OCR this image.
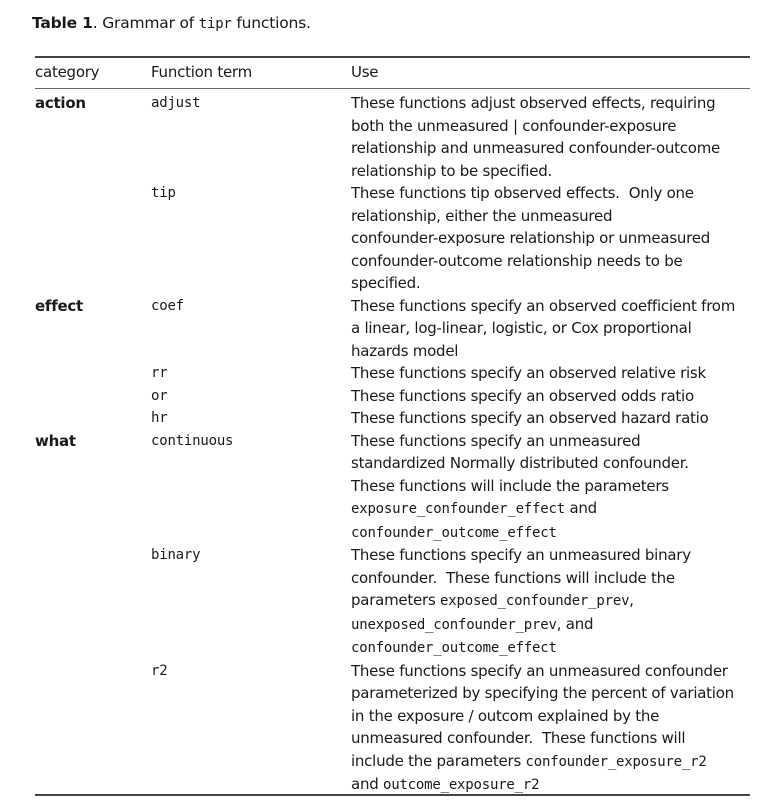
Table 1. Grammar of tipr functions.
category	Function term	Use
action	adjust	These functions adjust observed effects, requiring
both the unmeasured | confounder-exposure
relationship and unmeasured confounder-outcome
relationship to be specified.

	tip	These functions tip observed effects.  Only one
relationship, either the unmeasured
confounder-exposure relationship or unmeasured
confounder-outcome relationship needs to be
specified.

effect	coef	These functions specify an observed coefficient from
a linear, log-linear, logistic, or Cox proportional
hazards model

	rr	These functions specify an observed relative risk

	or	These functions specify an observed odds ratio

	hr	These functions specify an observed hazard ratio

what	continuous	These functions specify an unmeasured
standardized Normally distributed confounder.
These functions will include the parameters
exposure_confounder_effect and
confounder_outcome_effect

	binary	These functions specify an unmeasured binary
confounder.  These functions will include the
parameters exposed_confounder_prev,
unexposed_confounder_prev, and
confounder_outcome_effect

	r2	These functions specify an unmeasured confounder
parameterized by specifying the percent of variation
in the exposure / outcom explained by the
unmeasured confounder.  These functions will
include the parameters confounder_exposure_r2
and outcome_exposure_r2
